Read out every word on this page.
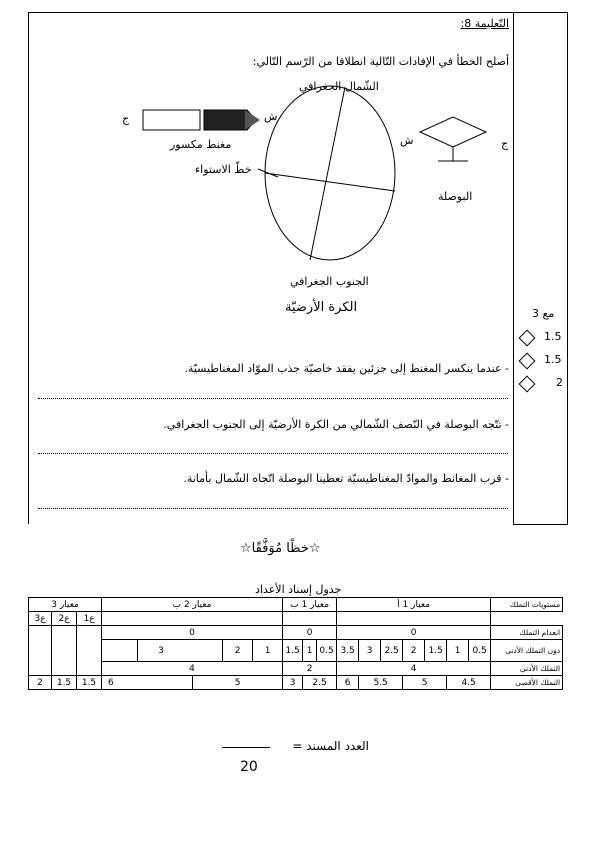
التّعليمة 8:
أصلح الخطأ في الإفادات التّالية انطلاقا من الرّسم التّالي:
الشّمال الجغرافي
ش
ج
مغنط مكسور	ش	ج
خطّ الاستواء
البوصلة
الجنوب الجغرافي
الكرة الأرضيّة
- عندما ينكسر المغنط إلى جزئين يفقد خاصيّة جذب الموّاد المغناطيسيّة.
- تتّجه البوصلة في النّصف الشّمالي من الكرة الأرضيّة إلى الجنوب الجغرافي.
- قرب المغانط والموادّ المغناطيسيّة تعطينا البوصلة اتّجاه الشّمال بأمانة.
مع 3
1.5
1.5
2
☆خظًا مُوَفَّقًا☆
جدول إسناد الأعداد
مستويات التملك	معيار 1 أ							معيار 1 ب			معيار 2 ب				معيار 3		
															ع1	ع2	ع3
انعدام التملك	0							0			0						
دون التملك الأدنى	0.5	1	1.5	2	2.5	3	3.5	0.5	1	1.5	1	2	3				
التملك الأدنى	4							2			4						
التملك الأقصى	4.5		5		5.5		6	2.5		3	5			6	1.5	1.5	2
العدد المسند =
20
